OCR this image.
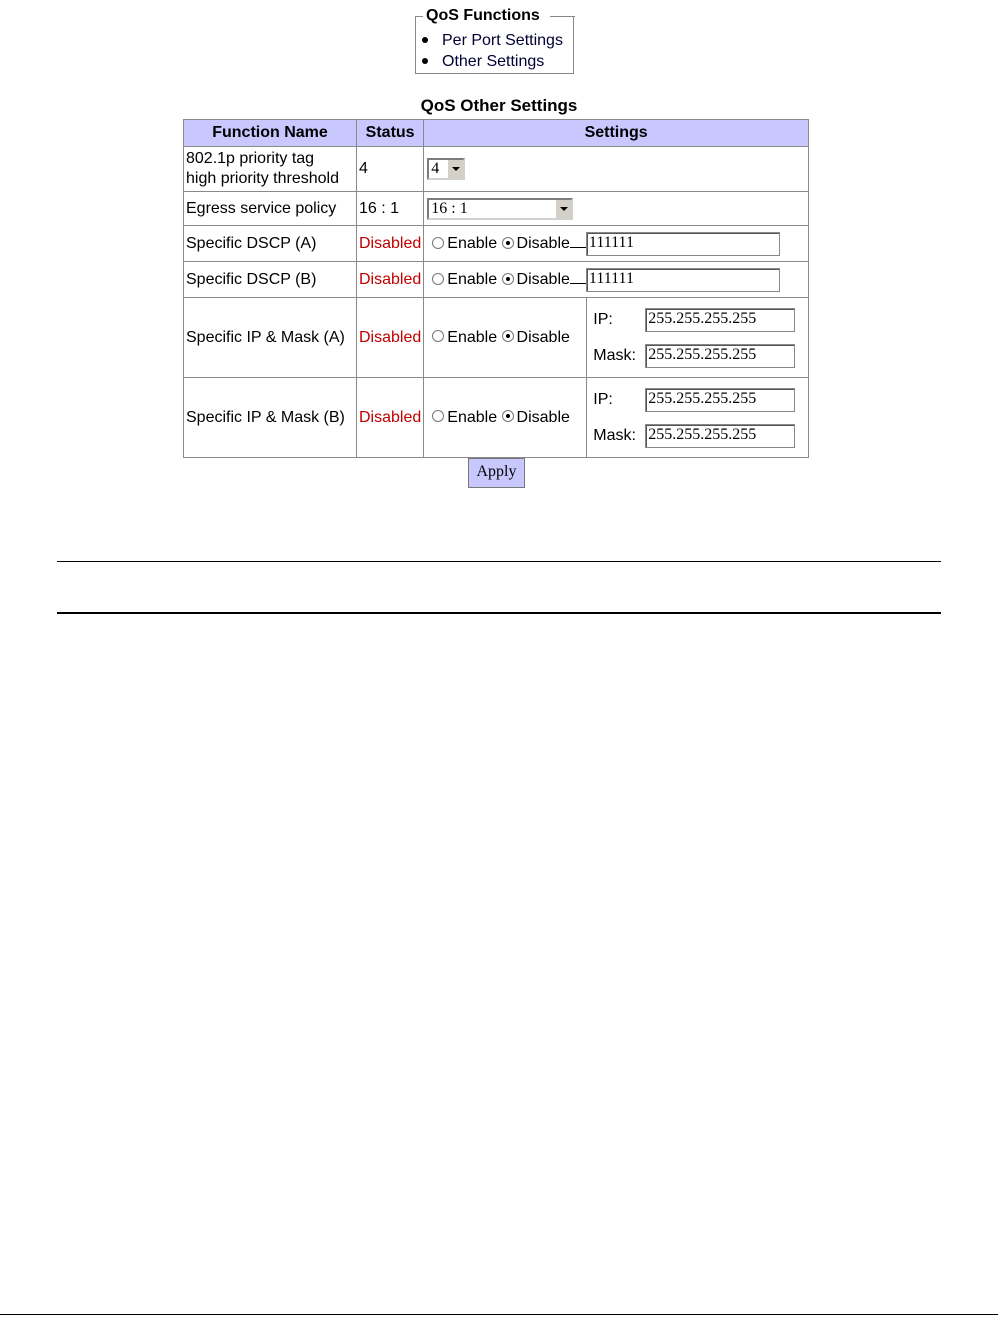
QoS Functions
Per Port Settings
Other Settings
QoS Other Settings
Function Name	Status	Settings	
802.1p priority tag
high priority threshold	4	4	

Egress service policy	16 : 1	16 : 1	

Specific DSCP (A)	Disabled	Enable Disable 111111	
Specific DSCP (B)	Disabled	Enable Disable 111111	
Specific IP & Mask (A)	Disabled	Enable Disable	IP: 255.255.255.255
Mask: 255.255.255.255

Specific IP & Mask (B)	Disabled	Enable Disable	IP: 255.255.255.255
Mask: 255.255.255.255
Apply
